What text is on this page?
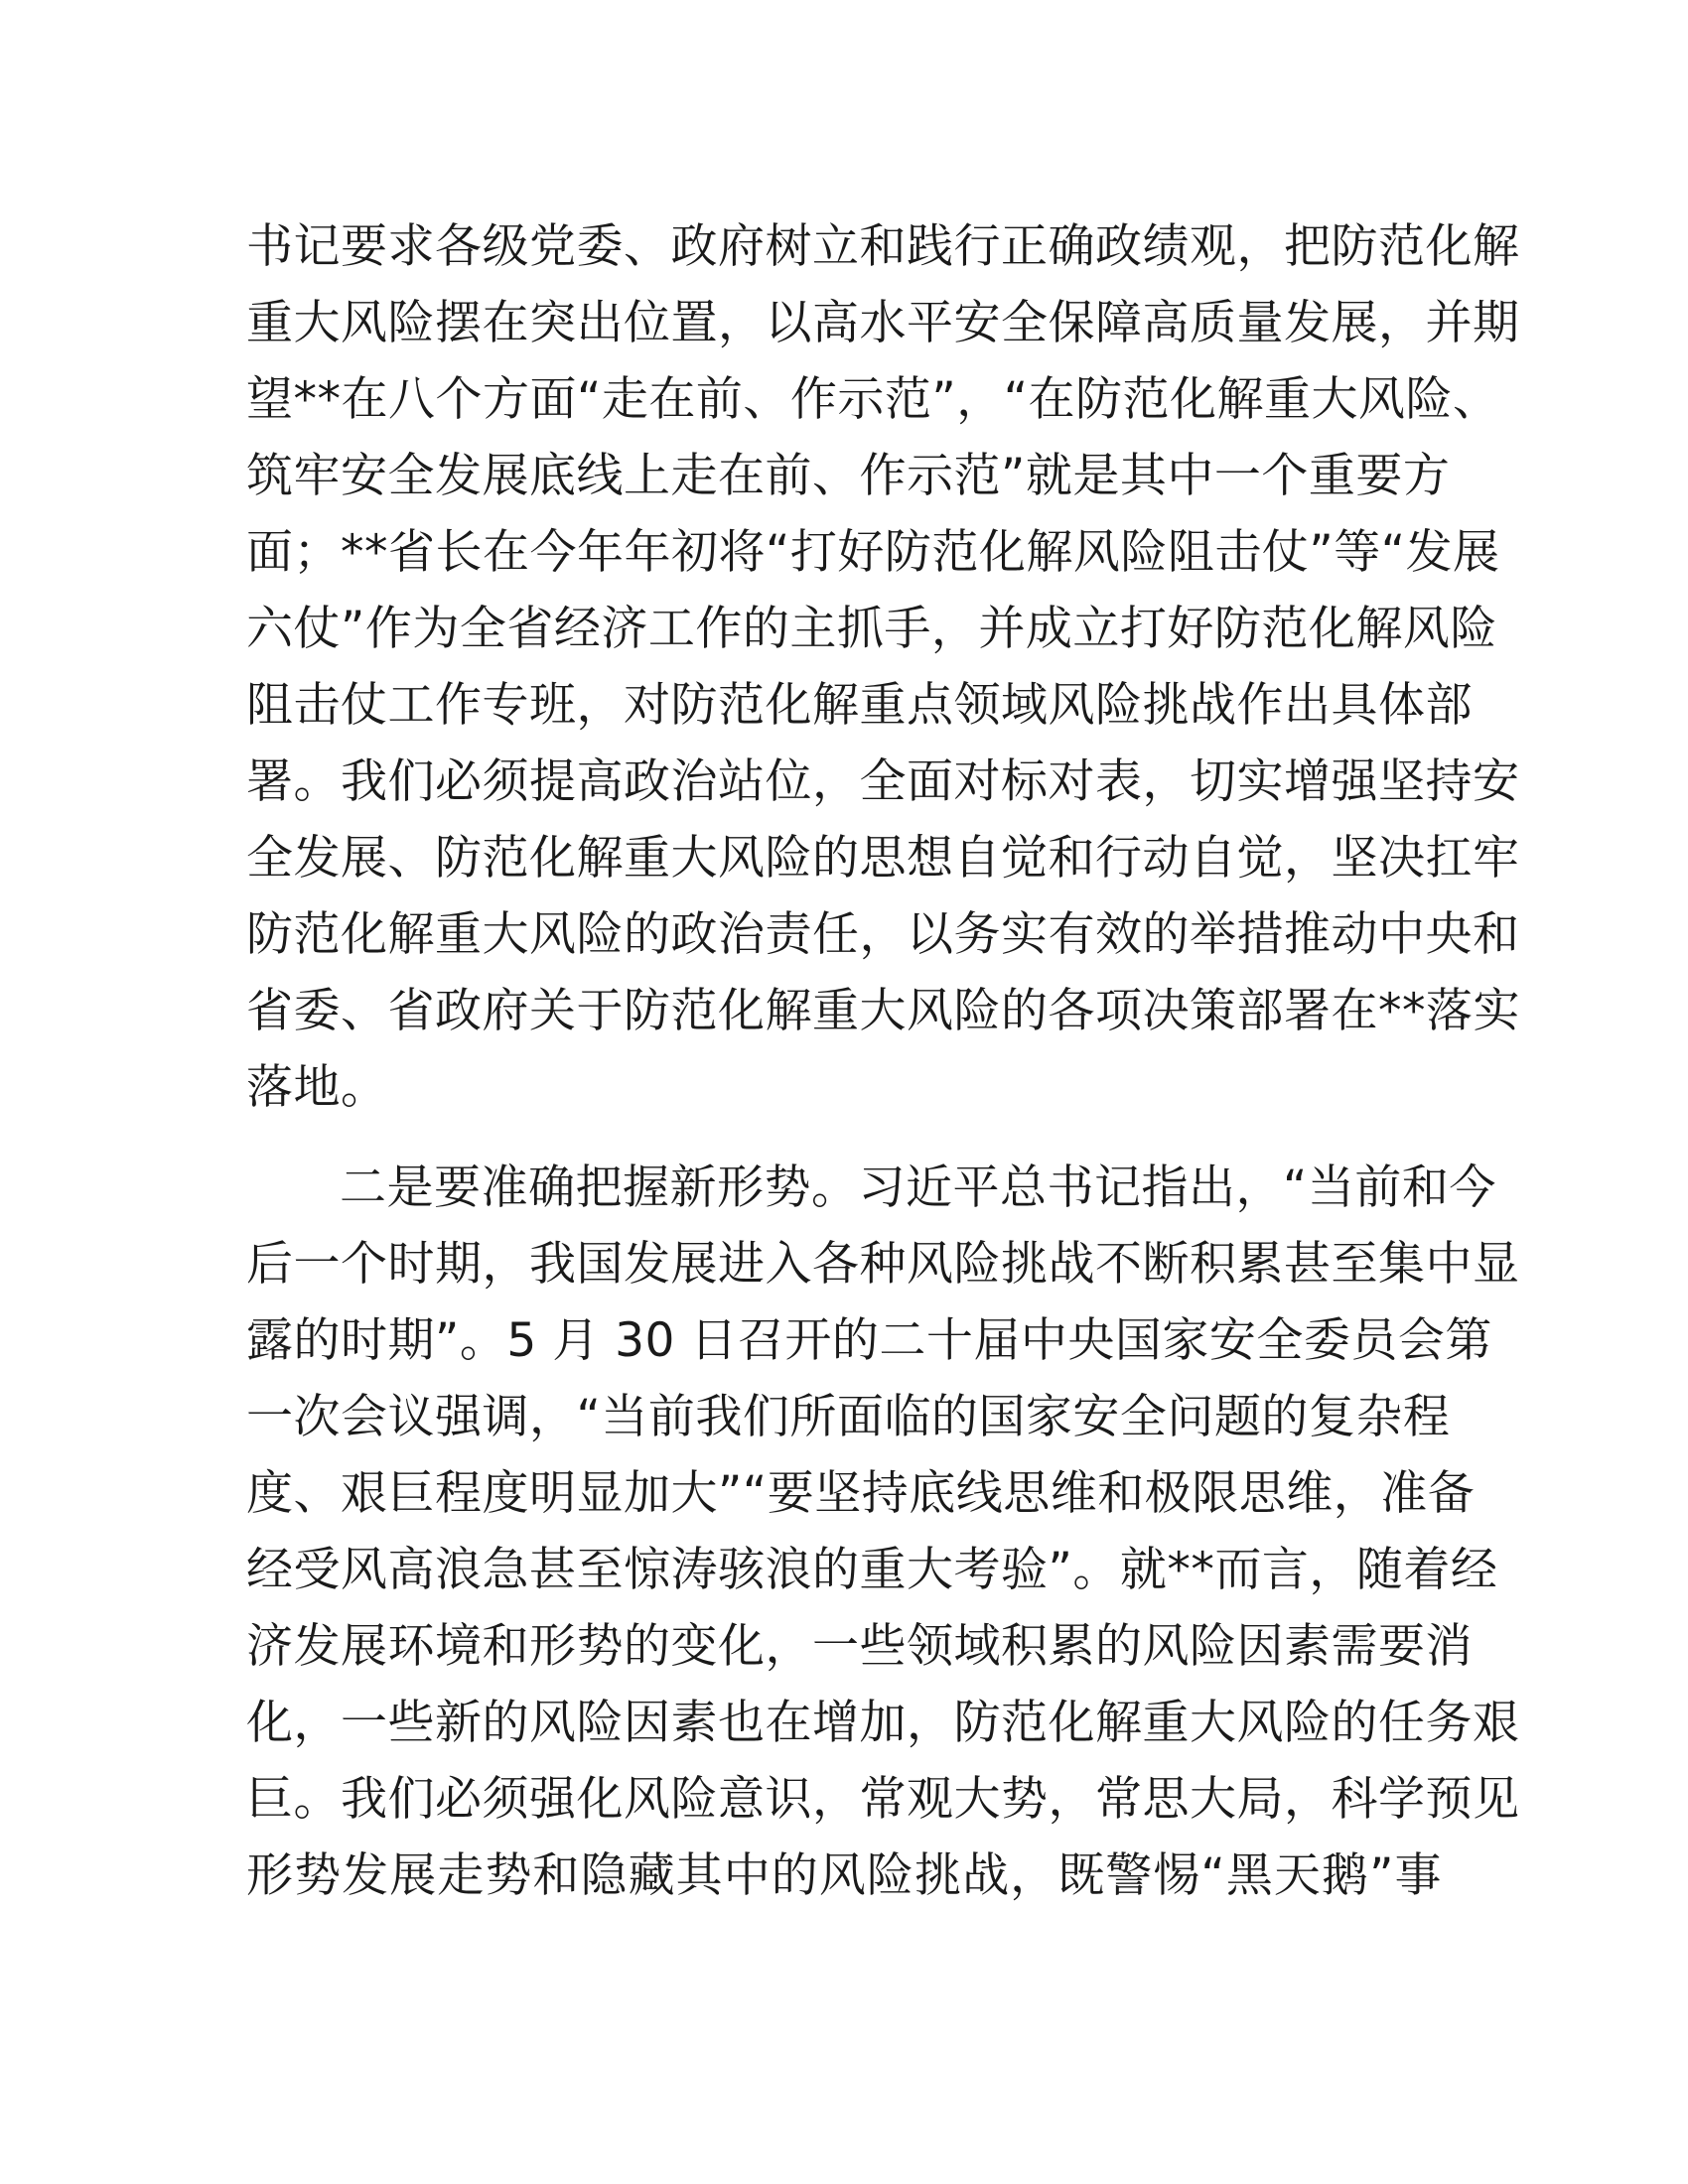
书记要求各级党委、政府树立和践行正确政绩观，把防范化解
重大风险摆在突出位置，以高水平安全保障高质量发展，并期
望**在八个方面“走在前、作示范”，“在防范化解重大风险、
筑牢安全发展底线上走在前、作示范”就是其中一个重要方
面；**省长在今年年初将“打好防范化解风险阻击仗”等“发展
六仗”作为全省经济工作的主抓手，并成立打好防范化解风险
阻击仗工作专班，对防范化解重点领域风险挑战作出具体部
署。我们必须提高政治站位，全面对标对表，切实增强坚持安
全发展、防范化解重大风险的思想自觉和行动自觉，坚决扛牢
防范化解重大风险的政治责任，以务实有效的举措推动中央和
省委、省政府关于防范化解重大风险的各项决策部署在**落实
落地。
二是要准确把握新形势。习近平总书记指出，“当前和今
后一个时期，我国发展进入各种风险挑战不断积累甚至集中显
露的时期”。5 月 30 日召开的二十届中央国家安全委员会第
一次会议强调，“当前我们所面临的国家安全问题的复杂程
度、艰巨程度明显加大”“要坚持底线思维和极限思维，准备
经受风高浪急甚至惊涛骇浪的重大考验”。就**而言，随着经
济发展环境和形势的变化，一些领域积累的风险因素需要消
化，一些新的风险因素也在增加，防范化解重大风险的任务艰
巨。我们必须强化风险意识，常观大势，常思大局，科学预见
形势发展走势和隐藏其中的风险挑战，既警惕“黑天鹅”事
